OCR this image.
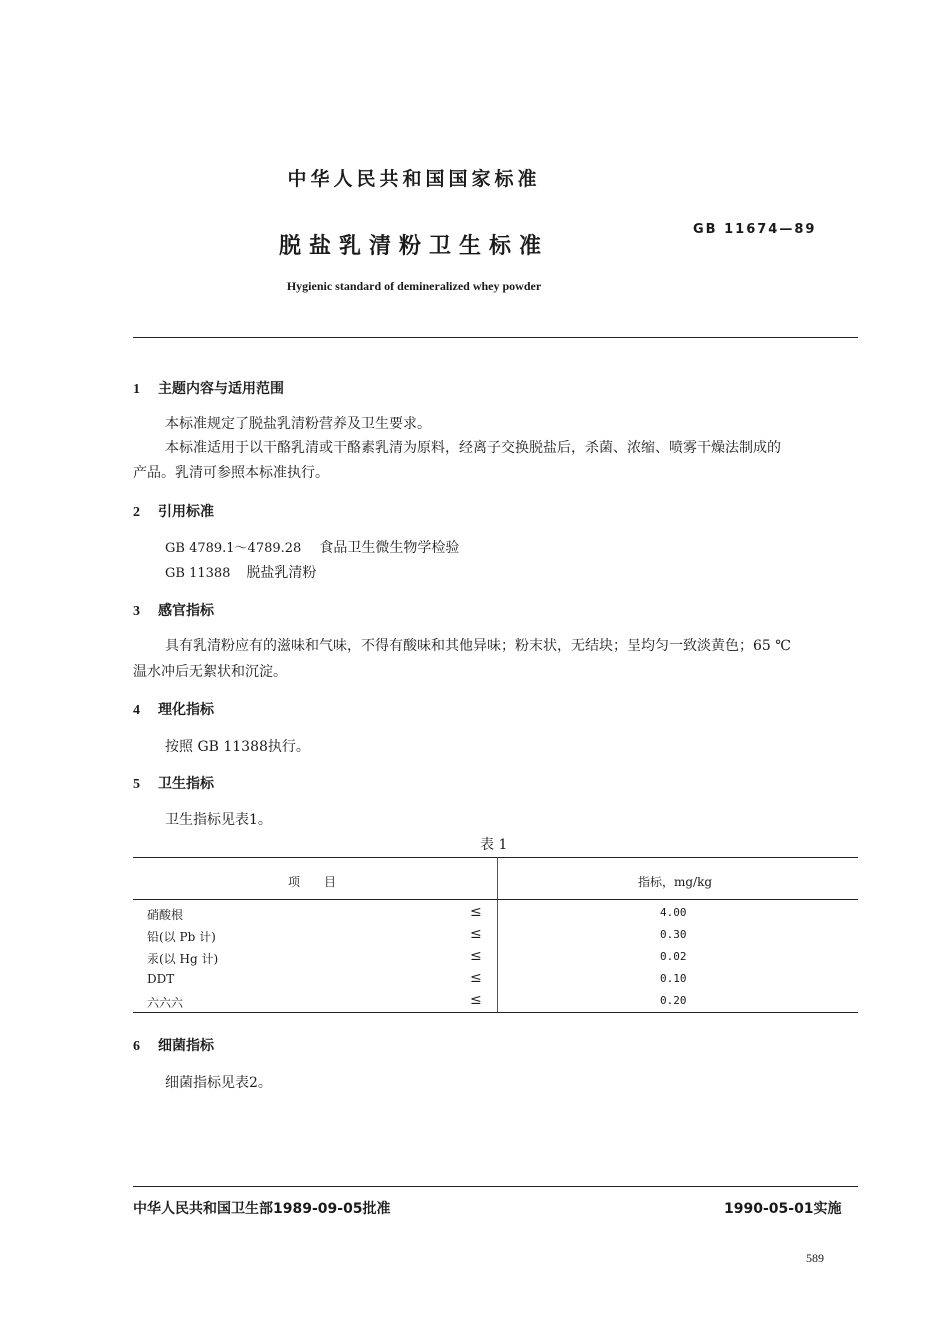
中华人民共和国国家标准
脱盐乳清粉卫生标准
GB 11674—89
Hygienic standard of demineralized whey powder
1 主题内容与适用范围
本标准规定了脱盐乳清粉营养及卫生要求。
本标准适用于以干酪乳清或干酪素乳清为原料，经离子交换脱盐后，杀菌、浓缩、喷雾干燥法制成的
产品。乳清可参照本标准执行。
2 引用标准
GB 4789.1～4789.28 食品卫生微生物学检验
GB 11388 脱盐乳清粉
3 感官指标
具有乳清粉应有的滋味和气味，不得有酸味和其他异味；粉末状，无结块；呈均匀一致淡黄色；65 ℃
温水冲后无絮状和沉淀。
4 理化指标
按照 GB 11388执行。
5 卫生指标
卫生指标见表1。
表 1
项　　目	指标，mg/kg
硝酸根	≤	4.00
铅(以 Pb 计)	≤	0.30
汞(以 Hg 计)	≤	0.02
DDT	≤	0.10
六六六	≤	0.20
6 细菌指标
细菌指标见表2。
中华人民共和国卫生部1989-09-05批准	1990-05-01实施
589
